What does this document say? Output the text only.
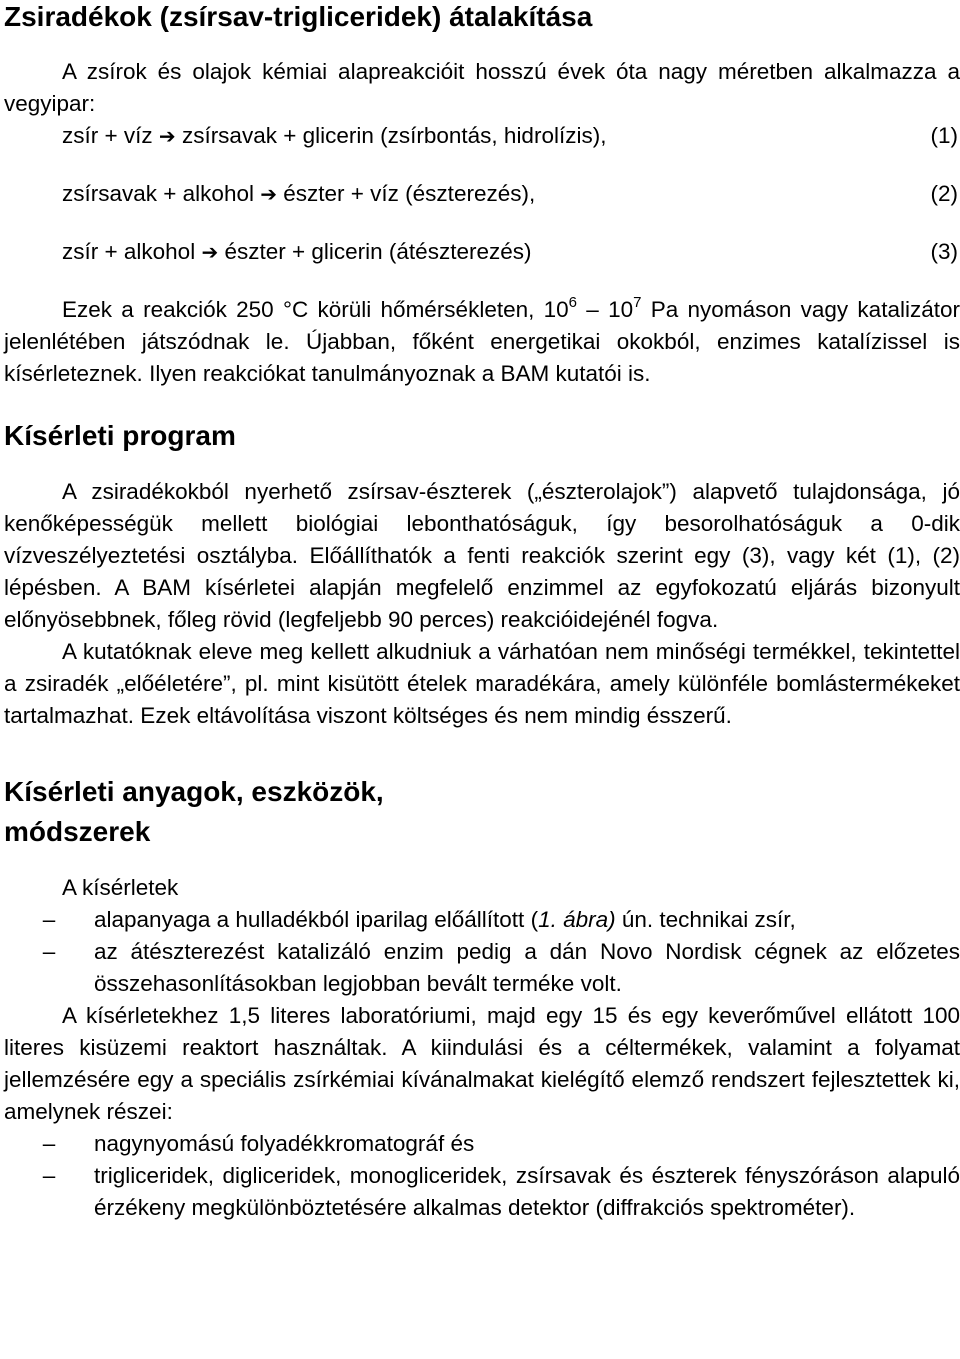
Zsiradékok (zsírsav-trigliceridek) átalakítása

A zsírok és olajok kémiai alapreakcióit hosszú évek óta nagy méretben alkalmazza a vegyipar:

zsír + víz ➔ zsírsavak + glicerin (zsírbontás, hidrolízis),	(1)
zsírsavak + alkohol ➔ észter + víz (észterezés),	(2)
zsír + alkohol ➔ észter + glicerin (átészterezés)	(3)

Ezek a reakciók 250 °C körüli hőmérsékleten, $10^6 - 10^7$ Pa nyomáson vagy katalizátor jelenlétében játszódnak le. Újabban, főként energetikai okokból, enzimes katalízissel is kísérleteznek. Ilyen reakciókat tanulmányoznak a BAM kutatói is.

Kísérleti program

A zsiradékokból nyerhető zsírsav-észterek („észterolajok”) alapvető tulajdonsága, jó kenőképességük mellett biológiai lebonthatóságuk, így besorolhatóságuk a 0-dik vízveszélyeztetési osztályba. Előállíthatók a fenti reakciók szerint egy (3), vagy két (1), (2) lépésben. A BAM kísérletei alapján megfelelő enzimmel az egyfokozatú eljárás bizonyult előnyösebbnek, főleg rövid (legfeljebb 90 perces) reakcióidejénél fogva.

A kutatóknak eleve meg kellett alkudniuk a várhatóan nem minőségi termékkel, tekintettel a zsiradék „előéletére”, pl. mint kisütött ételek maradékára, amely különféle bomlástermékeket tartalmazhat. Ezek eltávolítása viszont költséges és nem mindig ésszerű.

Kísérleti anyagok, eszközök,
módszerek

A kísérletek

–	alapanyaga a hulladékból iparilag előállított (1. ábra) ún. technikai zsír,
–	az átészterezést katalizáló enzim pedig a dán Novo Nordisk cégnek az előzetes összehasonlításokban legjobban bevált terméke volt.

A kísérletekhez 1,5 literes laboratóriumi, majd egy 15 és egy keverőművel ellátott 100 literes kisüzemi reaktort használtak. A kiindulási és a céltermékek, valamint a folyamat jellemzésére egy a speciális zsírkémiai kívánalmakat kielégítő elemző rendszert fejlesztettek ki, amelynek részei:

–	nagynyomású folyadékkromatográf és
–	trigliceridek, digliceridek, monogliceridek, zsírsavak és észterek fényszóráson alapuló érzékeny megkülönböztetésére alkalmas detektor (diffrakciós spektrométer).
